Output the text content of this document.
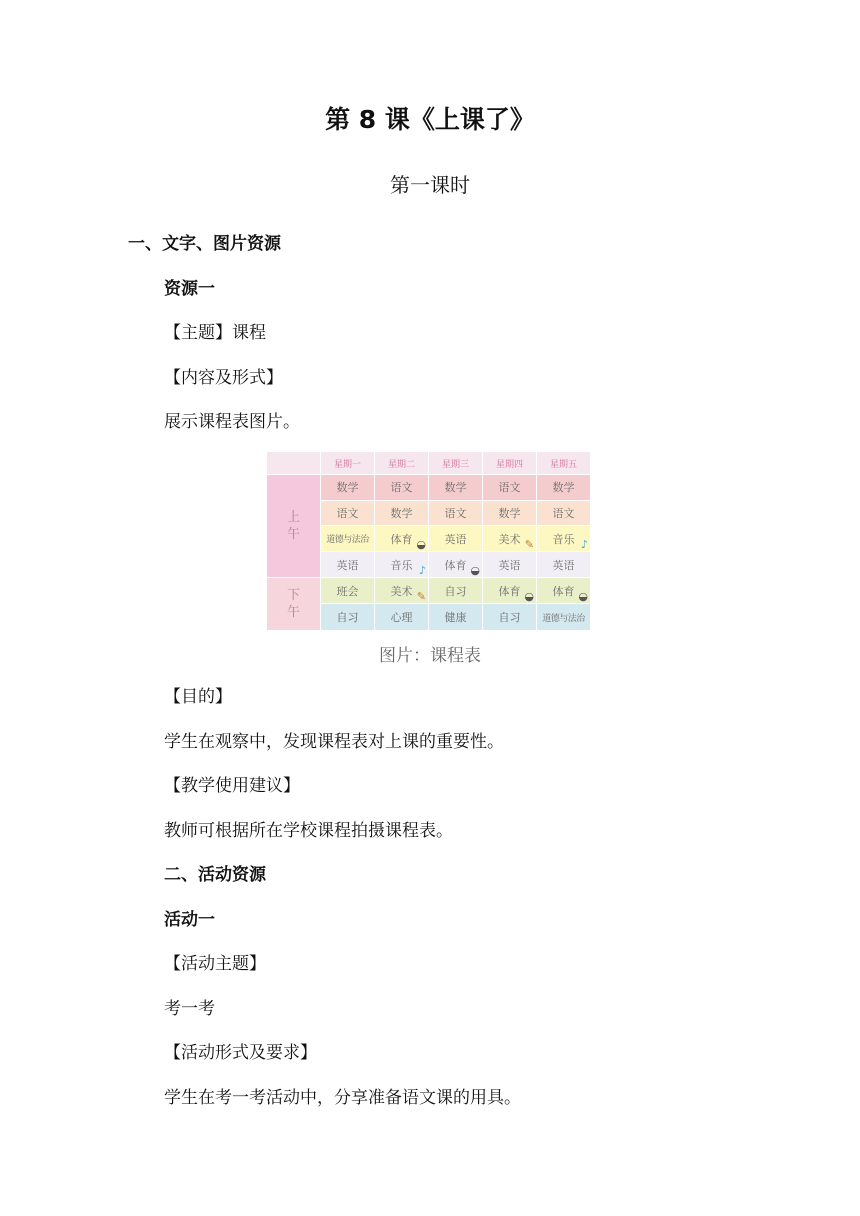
第 8 课《上课了》
第一课时
一、文字、图片资源
资源一
【主题】课程
【内容及形式】
展示课程表图片。
	星期一	星期二	星期三	星期四	星期五
上
午	数学	语文	数学	语文	数学
	语文	数学	语文	数学	语文
	道德与法治	体育 ◒	英语	美术 ✎	音乐 ♪

	英语	音乐 ♪	体育 ◒	英语	英语
下
午	班会	美术 ✎	自习	体育 ◒	体育 ◒

	自习	心理	健康	自习	道德与法治
图片：课程表
【目的】
学生在观察中，发现课程表对上课的重要性。
【教学使用建议】
教师可根据所在学校课程拍摄课程表。
二、活动资源
活动一
【活动主题】
考一考
【活动形式及要求】
学生在考一考活动中，分享准备语文课的用具。
